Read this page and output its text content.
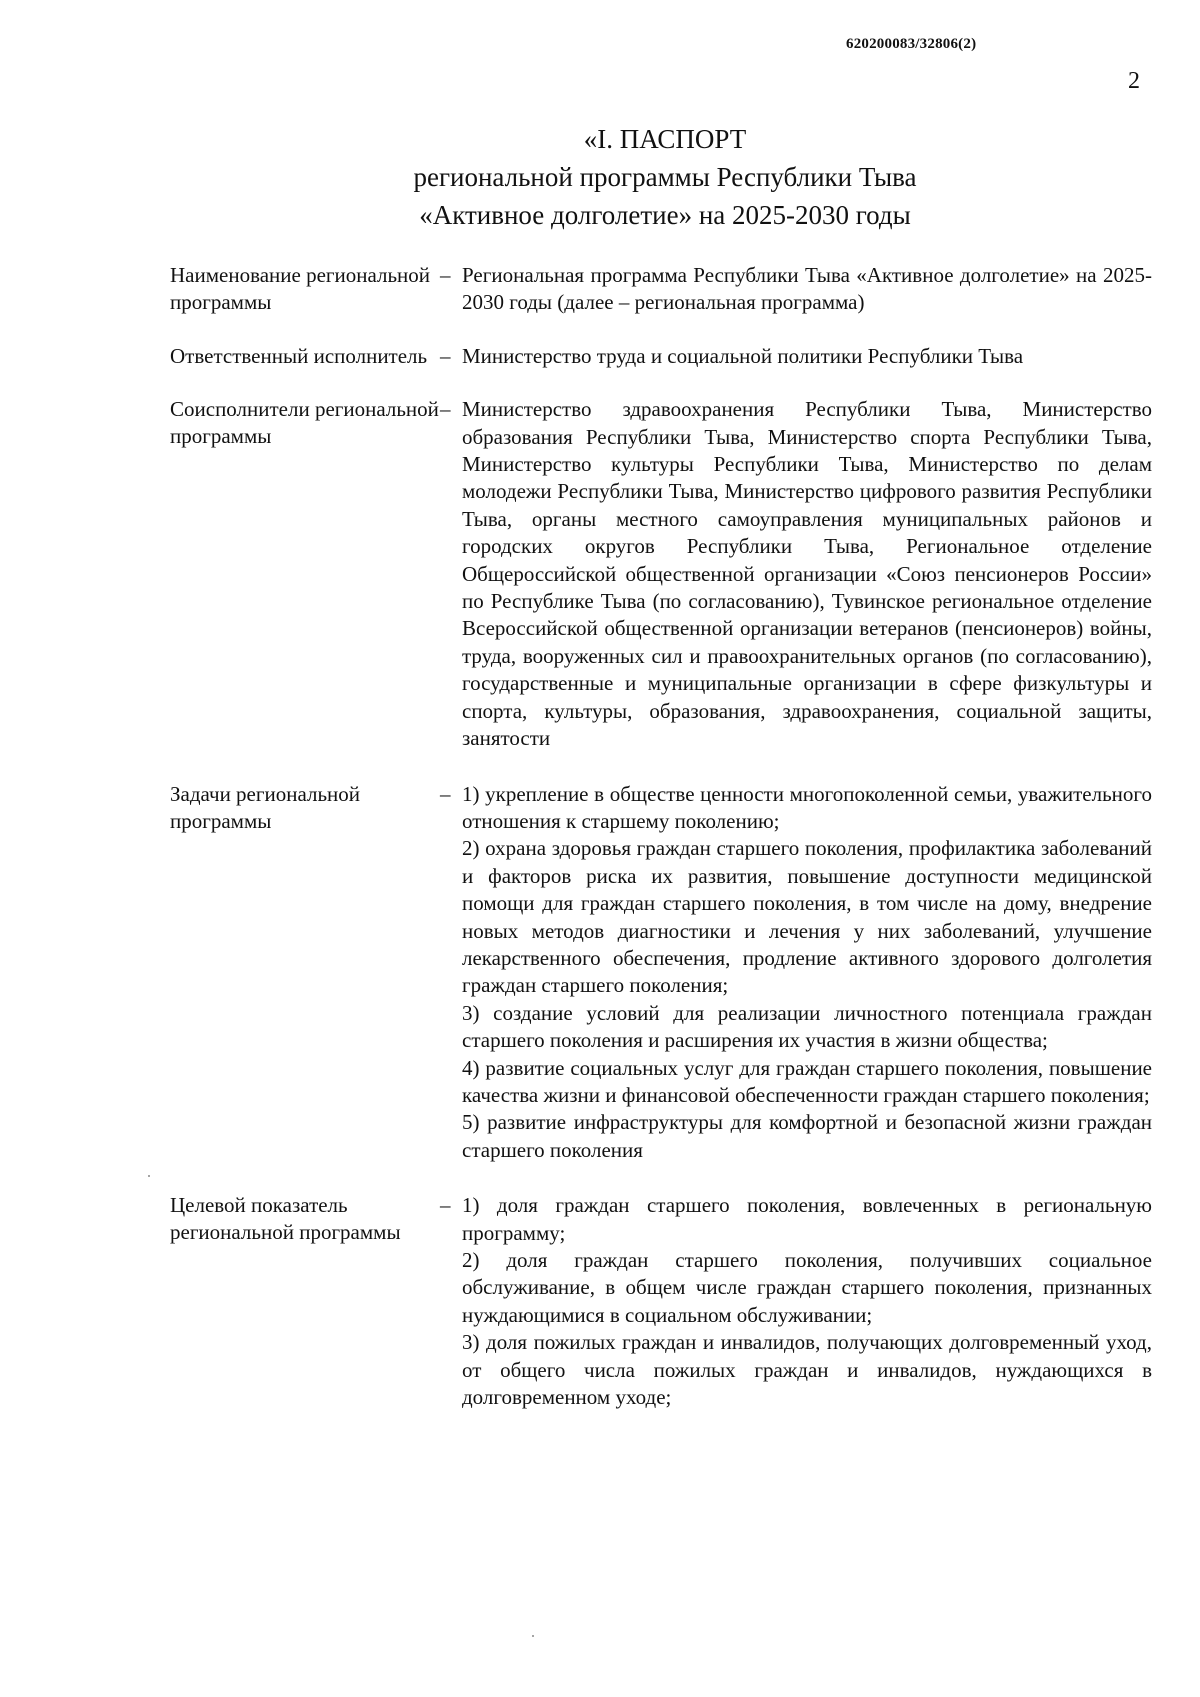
620200083/32806(2)
2
«I. ПАСПОРТ
региональной программы Республики Тыва
«Активное долголетие» на 2025-2030 годы
Наименование региональной программы
– Региональная программа Республики Тыва «Активное долголетие» на 2025-2030 годы (далее – региональная программа)
Ответственный исполнитель – Министерство труда и социальной политики Республики Тыва
Соисполнители региональной программы
– Министерство здравоохранения Республики Тыва, Министерство образования Республики Тыва, Министерство спорта Республики Тыва, Министерство культуры Республики Тыва, Министерство по делам молодежи Республики Тыва, Министерство цифрового развития Республики Тыва, органы местного самоуправления муниципальных районов и городских округов Республики Тыва, Региональное отделение Общероссийской общественной организации «Союз пенсионеров России» по Республике Тыва (по согласованию), Тувинское региональное отделение Всероссийской общественной организации ветеранов (пенсионеров) войны, труда, вооруженных сил и правоохранительных органов (по согласованию), государственные и муниципальные организации в сфере физкультуры и спорта, культуры, образования, здравоохранения, социальной защиты, занятости
Задачи региональной программы
– 1) укрепление в обществе ценности многопоколенной семьи, уважительного отношения к старшему поколению;
2) охрана здоровья граждан старшего поколения, профилактика заболеваний и факторов риска их развития, повышение доступности медицинской помощи для граждан старшего поколения, в том числе на дому, внедрение новых методов диагностики и лечения у них заболеваний, улучшение лекарственного обеспечения, продление активного здорового долголетия граждан старшего поколения;
3) создание условий для реализации личностного потенциала граждан старшего поколения и расширения их участия в жизни общества;
4) развитие социальных услуг для граждан старшего поколения, повышение качества жизни и финансовой обеспеченности граждан старшего поколения;
5) развитие инфраструктуры для комфортной и безопасной жизни граждан старшего поколения
Целевой показатель региональной программы
– 1) доля граждан старшего поколения, вовлеченных в региональную программу;
2) доля граждан старшего поколения, получивших социальное обслуживание, в общем числе граждан старшего поколения, признанных нуждающимися в социальном обслуживании;
3) доля пожилых граждан и инвалидов, получающих долговременный уход, от общего числа пожилых граждан и инвалидов, нуждающихся в долговременном уходе;
